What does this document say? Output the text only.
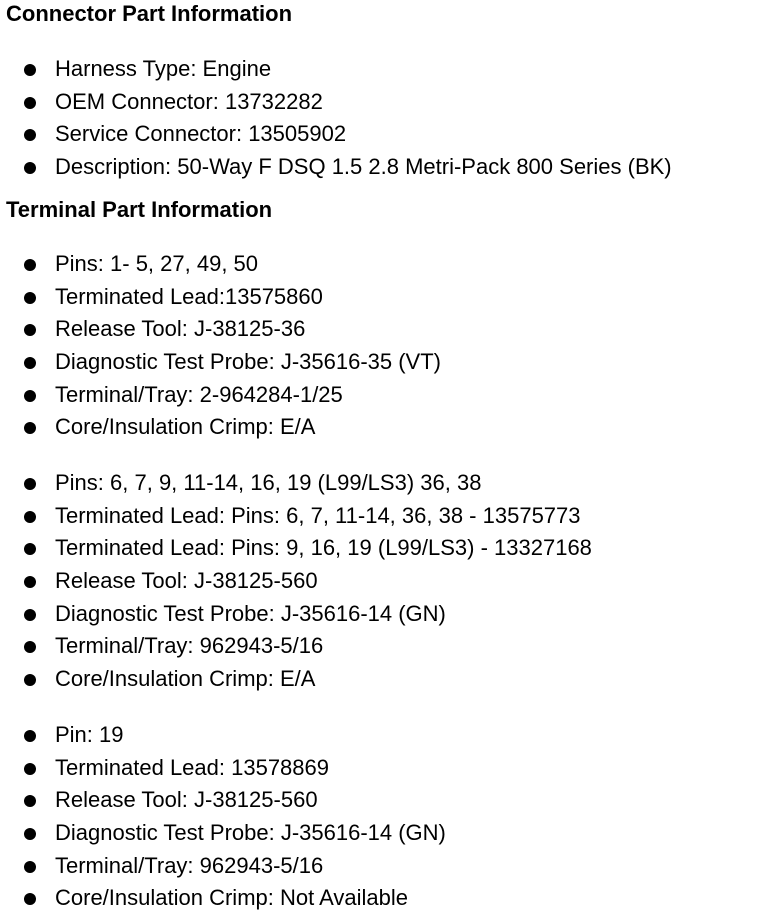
Connector Part Information
Harness Type: Engine
OEM Connector: 13732282
Service Connector: 13505902
Description: 50-Way F DSQ 1.5 2.8 Metri-Pack 800 Series (BK)
Terminal Part Information
Pins: 1- 5, 27, 49, 50
Terminated Lead:13575860
Release Tool: J-38125-36
Diagnostic Test Probe: J-35616-35 (VT)
Terminal/Tray: 2-964284-1/25
Core/Insulation Crimp: E/A
Pins: 6, 7, 9, 11-14, 16, 19 (L99/LS3) 36, 38
Terminated Lead: Pins: 6, 7, 11-14, 36, 38 - 13575773
Terminated Lead: Pins: 9, 16, 19 (L99/LS3) - 13327168
Release Tool: J-38125-560
Diagnostic Test Probe: J-35616-14 (GN)
Terminal/Tray: 962943-5/16
Core/Insulation Crimp: E/A
Pin: 19
Terminated Lead: 13578869
Release Tool: J-38125-560
Diagnostic Test Probe: J-35616-14 (GN)
Terminal/Tray: 962943-5/16
Core/Insulation Crimp: Not Available
